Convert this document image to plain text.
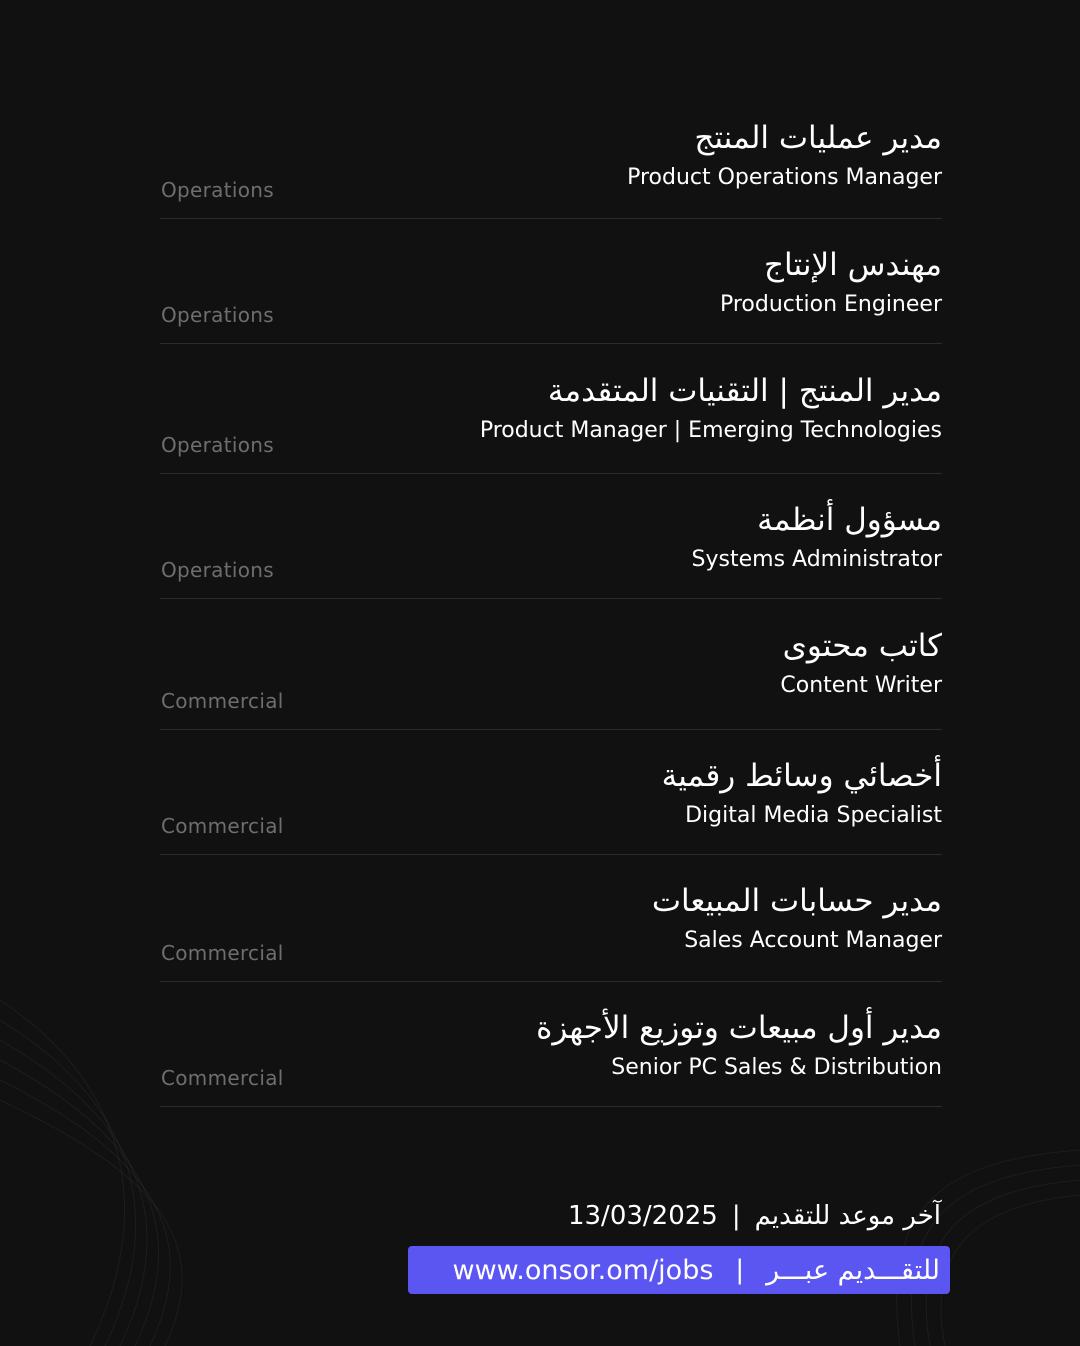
مدير عمليات المنتج
Product Operations Manager
Operations
مهندس الإنتاج
Production Engineer
Operations
مدير المنتج | التقنيات المتقدمة
Product Manager | Emerging Technologies
Operations
مسؤول أنظمة
Systems Administrator
Operations
كاتب محتوى
Content Writer
Commercial
أخصائي وسائط رقمية
Digital Media Specialist
Commercial
مدير حسابات المبيعات
Sales Account Manager
Commercial
مدير أول مبيعات وتوزيع الأجهزة
Senior PC Sales & Distribution
Commercial
13/03/2025 | آخر موعد للتقديم
www.onsor.om/jobs | للتقـــديم عبـــر
